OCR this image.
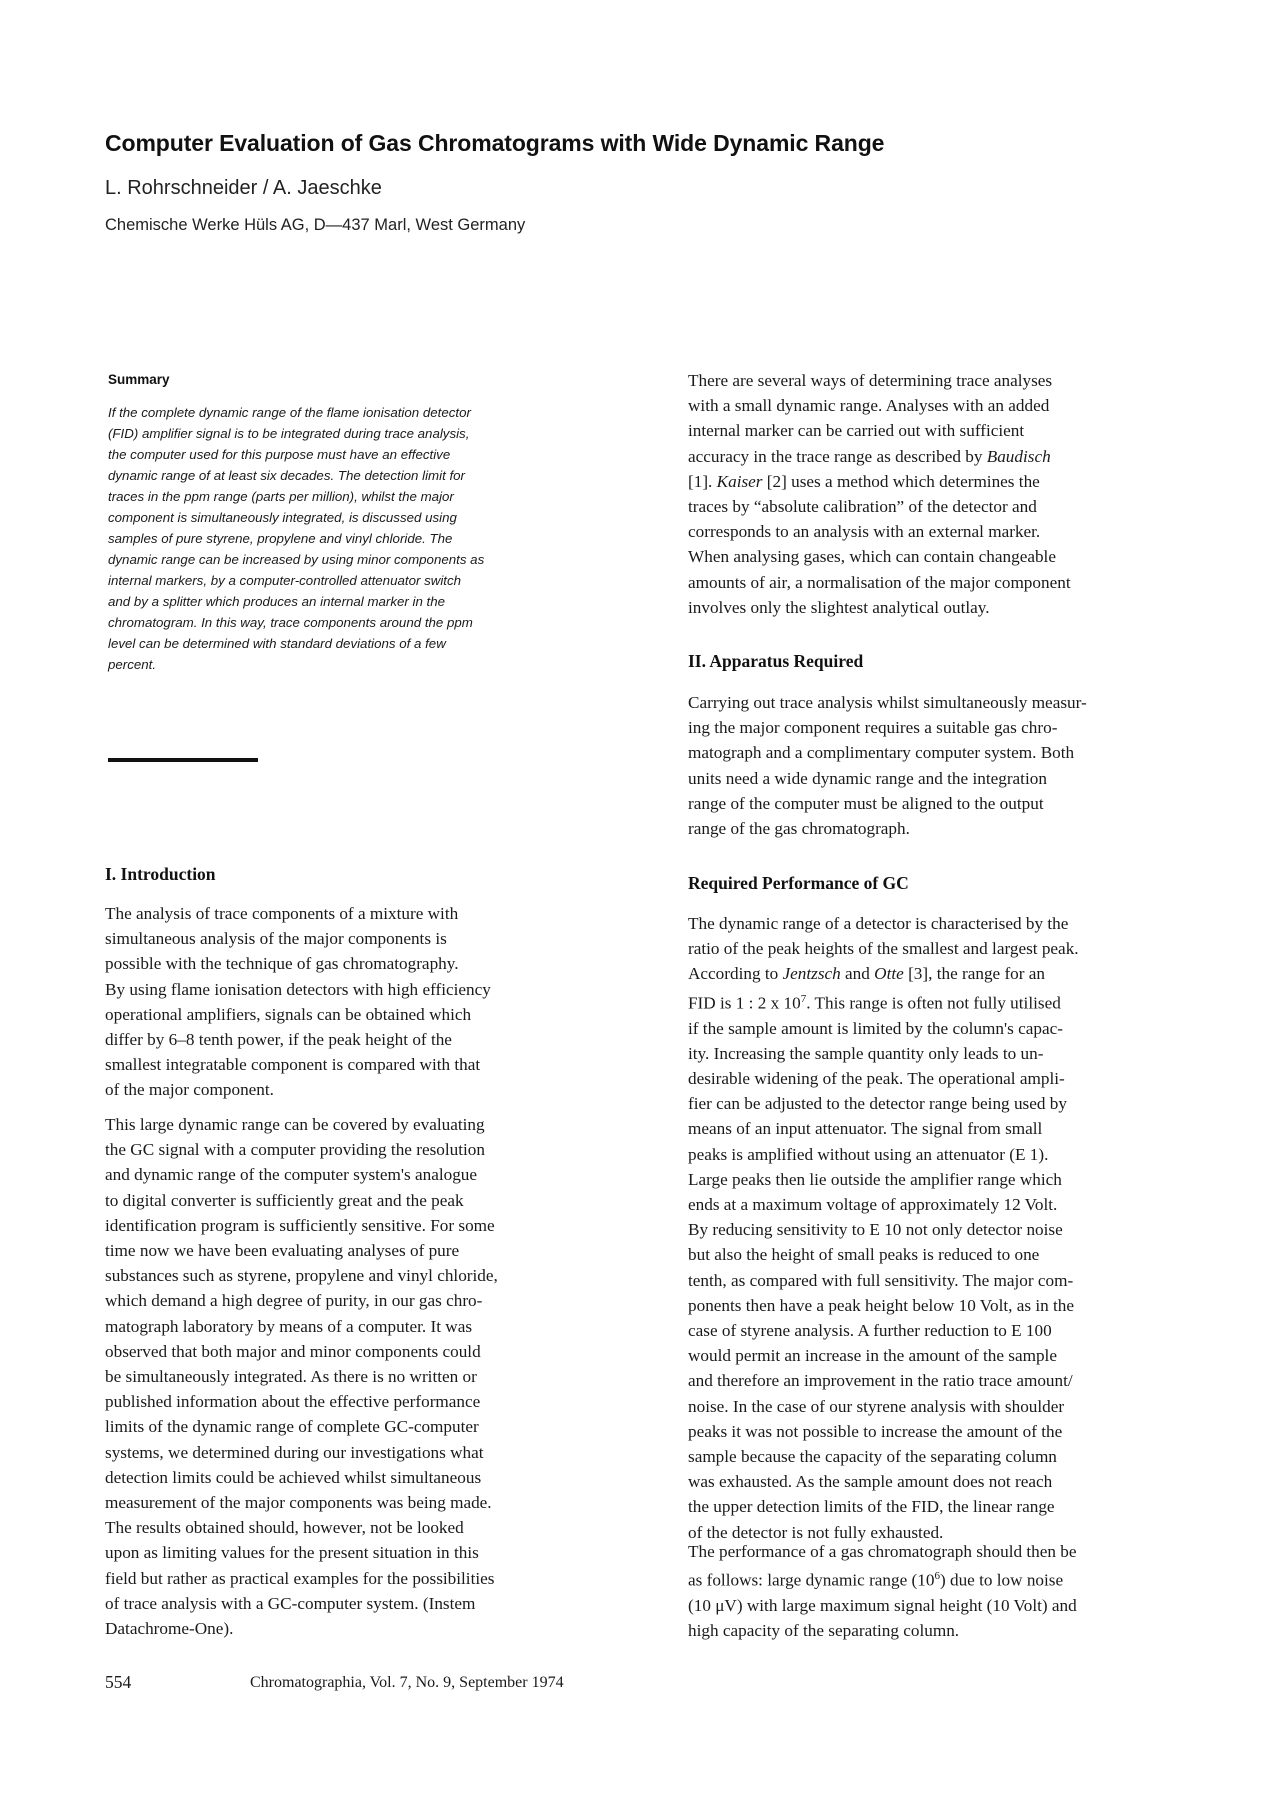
Computer Evaluation of Gas Chromatograms with Wide Dynamic Range
L. Rohrschneider / A. Jaeschke
Chemische Werke Hüls AG, D—437 Marl, West Germany
Summary
If the complete dynamic range of the flame ionisation detector
(FID) amplifier signal is to be integrated during trace analysis,
the computer used for this purpose must have an effective
dynamic range of at least six decades. The detection limit for
traces in the ppm range (parts per million), whilst the major
component is simultaneously integrated, is discussed using
samples of pure styrene, propylene and vinyl chloride. The
dynamic range can be increased by using minor components as
internal markers, by a computer-controlled attenuator switch
and by a splitter which produces an internal marker in the
chromatogram. In this way, trace components around the ppm
level can be determined with standard deviations of a few
percent.
I. Introduction
The analysis of trace components of a mixture with
simultaneous analysis of the major components is
possible with the technique of gas chromatography.
By using flame ionisation detectors with high efficiency
operational amplifiers, signals can be obtained which
differ by 6–8 tenth power, if the peak height of the
smallest integratable component is compared with that
of the major component.
This large dynamic range can be covered by evaluating
the GC signal with a computer providing the resolution
and dynamic range of the computer system's analogue
to digital converter is sufficiently great and the peak
identification program is sufficiently sensitive. For some
time now we have been evaluating analyses of pure
substances such as styrene, propylene and vinyl chloride,
which demand a high degree of purity, in our gas chro-
matograph laboratory by means of a computer. It was
observed that both major and minor components could
be simultaneously integrated. As there is no written or
published information about the effective performance
limits of the dynamic range of complete GC-computer
systems, we determined during our investigations what
detection limits could be achieved whilst simultaneous
measurement of the major components was being made.
The results obtained should, however, not be looked
upon as limiting values for the present situation in this
field but rather as practical examples for the possibilities
of trace analysis with a GC-computer system. (Instem
Datachrome-One).
There are several ways of determining trace analyses
with a small dynamic range. Analyses with an added
internal marker can be carried out with sufficient
accuracy in the trace range as described by Baudisch
[1]. Kaiser [2] uses a method which determines the
traces by “absolute calibration” of the detector and
corresponds to an analysis with an external marker.
When analysing gases, which can contain changeable
amounts of air, a normalisation of the major component
involves only the slightest analytical outlay.
II. Apparatus Required
Carrying out trace analysis whilst simultaneously measur-
ing the major component requires a suitable gas chro-
matograph and a complimentary computer system. Both
units need a wide dynamic range and the integration
range of the computer must be aligned to the output
range of the gas chromatograph.
Required Performance of GC
The dynamic range of a detector is characterised by the
ratio of the peak heights of the smallest and largest peak.
According to Jentzsch and Otte [3], the range for an
FID is 1 : 2 x $10^7$. This range is often not fully utilised
if the sample amount is limited by the column's capac-
ity. Increasing the sample quantity only leads to un-
desirable widening of the peak. The operational ampli-
fier can be adjusted to the detector range being used by
means of an input attenuator. The signal from small
peaks is amplified without using an attenuator (E 1).
Large peaks then lie outside the amplifier range which
ends at a maximum voltage of approximately 12 Volt.
By reducing sensitivity to E 10 not only detector noise
but also the height of small peaks is reduced to one
tenth, as compared with full sensitivity. The major com-
ponents then have a peak height below 10 Volt, as in the
case of styrene analysis. A further reduction to E 100
would permit an increase in the amount of the sample
and therefore an improvement in the ratio trace amount/
noise. In the case of our styrene analysis with shoulder
peaks it was not possible to increase the amount of the
sample because the capacity of the separating column
was exhausted. As the sample amount does not reach
the upper detection limits of the FID, the linear range
of the detector is not fully exhausted.
The performance of a gas chromatograph should then be
as follows: large dynamic range $(10^6)$ due to low noise
(10 μV) with large maximum signal height (10 Volt) and
high capacity of the separating column.
554	Chromatographia, Vol. 7, No. 9, September 1974
